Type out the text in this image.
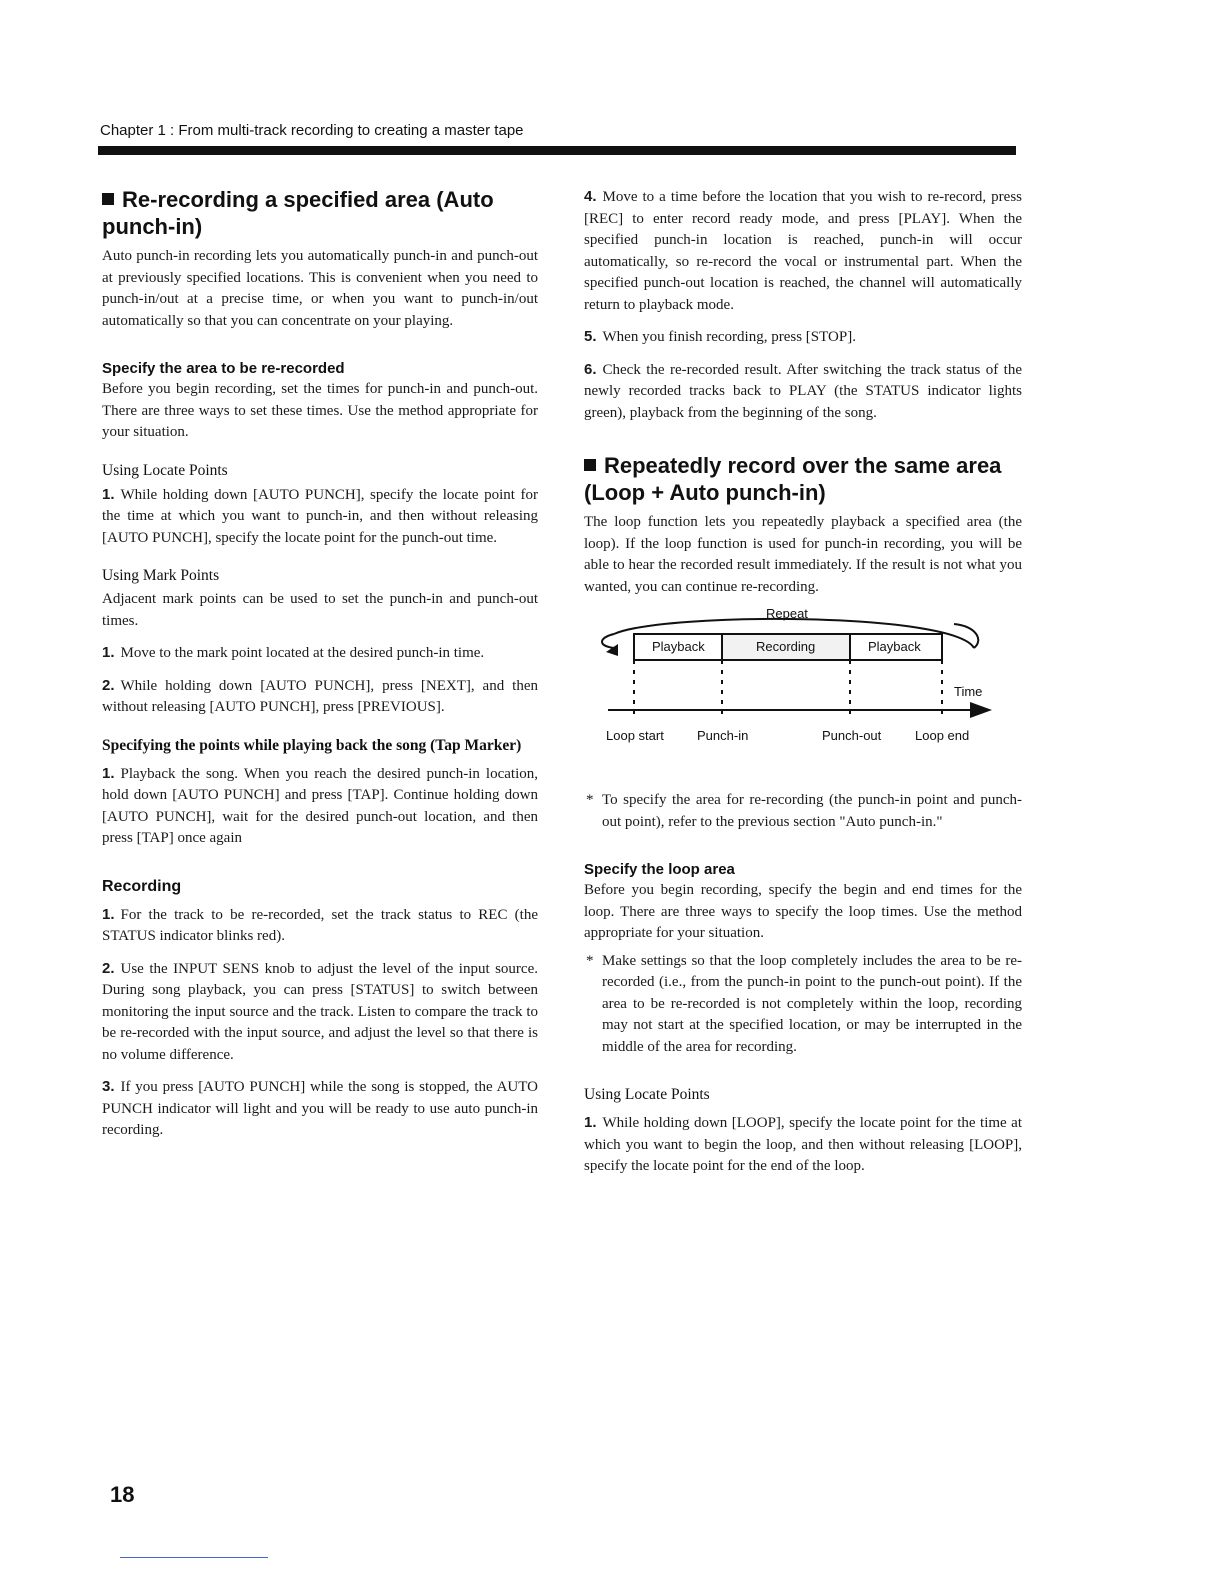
Chapter 1 : From multi-track recording to creating a master tape
Re-recording a specified area (Auto punch-in)

Auto punch-in recording lets you automatically punch-in and punch-out at previously specified locations. This is convenient when you need to punch-in/out at a precise time, or when you want to punch-in/out automatically so that you can concentrate on your playing.

Specify the area to be re-recorded

Before you begin recording, set the times for punch-in and punch-out. There are three ways to set these times. Use the method appropriate for your situation.

Using Locate Points

1. While holding down [AUTO PUNCH], specify the locate point for the time at which you want to punch-in, and then without releasing [AUTO PUNCH], specify the locate point for the punch-out time.

Using Mark Points

Adjacent mark points can be used to set the punch-in and punch-out times.

1. Move to the mark point located at the desired punch-in time.

2. While holding down [AUTO PUNCH], press [NEXT], and then without releasing [AUTO PUNCH], press [PREVIOUS].

Specifying the points while playing back the song (Tap Marker)

1. Playback the song. When you reach the desired punch-in location, hold down [AUTO PUNCH] and press [TAP]. Continue holding down [AUTO PUNCH], wait for the desired punch-out location, and then press [TAP] once again

Recording

1. For the track to be re-recorded, set the track status to REC (the STATUS indicator blinks red).

2. Use the INPUT SENS knob to adjust the level of the input source. During song playback, you can press [STATUS] to switch between monitoring the input source and the track. Listen to compare the track to be re-recorded with the input source, and adjust the level so that there is no volume difference.

3. If you press [AUTO PUNCH] while the song is stopped, the AUTO PUNCH indicator will light and you will be ready to use auto punch-in recording.

4. Move to a time before the location that you wish to re-record, press [REC] to enter record ready mode, and press [PLAY]. When the specified punch-in location is reached, punch-in will occur automatically, so re-record the vocal or instrumental part. When the specified punch-out location is reached, the channel will automatically return to playback mode.

5. When you finish recording, press [STOP].

6. Check the re-recorded result. After switching the track status of the newly recorded tracks back to PLAY (the STATUS indicator lights green), playback from the beginning of the song.

Repeatedly record over the same area (Loop + Auto punch-in)

The loop function lets you repeatedly playback a specified area (the loop). If the loop function is used for punch-in recording, you will be able to hear the recorded result immediately. If the result is not what you wanted, you can continue re-recording.

Repeat
Playback	Recording	Playback
Time
Loop start	Punch-in	Punch-out	Loop end

* To specify the area for re-recording (the punch-in point and punch-out point), refer to the previous section "Auto punch-in."

Specify the loop area

Before you begin recording, specify the begin and end times for the loop. There are three ways to specify the loop times. Use the method appropriate for your situation.

* Make settings so that the loop completely includes the area to be re-recorded (i.e., from the punch-in point to the punch-out point). If the area to be re-recorded is not completely within the loop, recording may not start at the specified location, or may be interrupted in the middle of the area for recording.

Using Locate Points

1. While holding down [LOOP], specify the locate point for the time at which you want to begin the loop, and then without releasing [LOOP], specify the locate point for the end of the loop.

18
